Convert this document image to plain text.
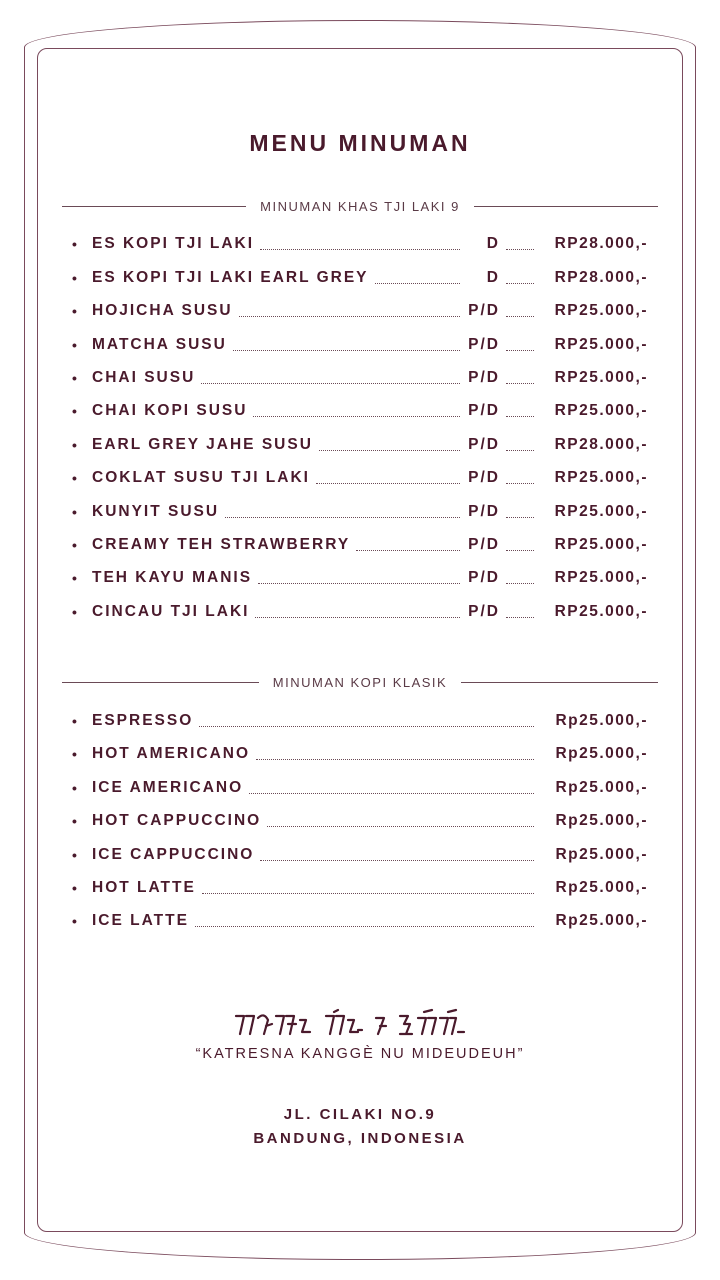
MENU MINUMAN
MINUMAN KHAS TJI LAKI 9
• ES KOPI TJI LAKI	D	RP28.000,-
• ES KOPI TJI LAKI EARL GREY	D	RP28.000,-
• HOJICHA SUSU	P/D	RP25.000,-
• MATCHA SUSU	P/D	RP25.000,-
• CHAI SUSU	P/D	RP25.000,-
• CHAI KOPI SUSU	P/D	RP25.000,-
• EARL GREY JAHE SUSU	P/D	RP28.000,-
• COKLAT SUSU TJI LAKI	P/D	RP25.000,-
• KUNYIT SUSU	P/D	RP25.000,-
• CREAMY TEH STRAWBERRY	P/D	RP25.000,-
• TEH KAYU MANIS	P/D	RP25.000,-
• CINCAU TJI LAKI	P/D	RP25.000,-
MINUMAN KOPI KLASIK
• ESPRESSO	Rp25.000,-
• HOT AMERICANO	Rp25.000,-
• ICE AMERICANO	Rp25.000,-
• HOT CAPPUCCINO	Rp25.000,-
• ICE CAPPUCCINO	Rp25.000,-
• HOT LATTE	Rp25.000,-
• ICE LATTE	Rp25.000,-
“KATRESNA KANGGÈ NU MIDEUDEUH”
JL. CILAKI NO.9
BANDUNG, INDONESIA
